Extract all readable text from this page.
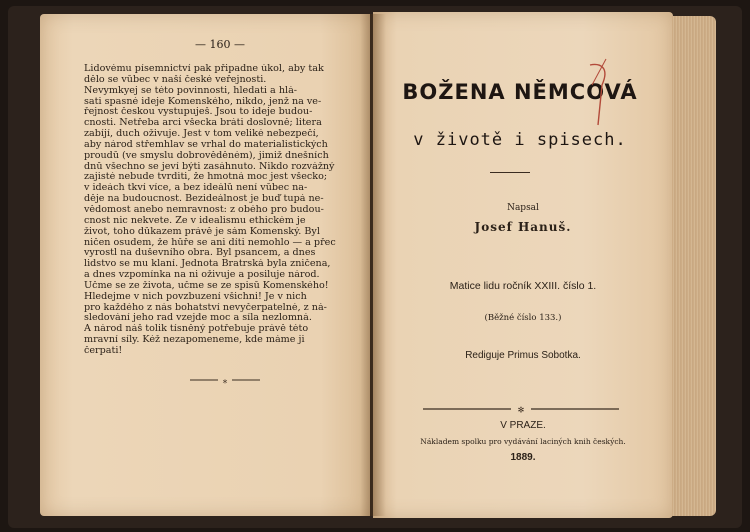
— 160 —
Lidovému písemnictví pak připadne úkol, aby tak
dělo se vůbec v naší české veřejnosti.
Nevymkyej se této povinnosti, hledati a hlá-
sati spasné ideje Komenského, nikdo, jenž na ve-
řejnost českou vystupuješ. Jsou to ideje budou-
cnosti. Netřeba arci všecka bráti doslovně; litera
zabíjí, duch oživuje. Jest v tom veliké nebezpečí,
aby národ střemhlav se vrhal do materialistických
proudů (ve smyslu dobrověděném), jimiž dnešních
dnů všechno se jeví býti zasáhnuto. Nikdo rozvážný
zajisté nebude tvrditi, že hmotná moc jest všecko;
v ideách tkví více, a bez ideálů není vůbec na-
děje na budoucnost. Bezideálnost je buď tupá ne-
vědomost anebo nemravnost: z obého pro budou-
cnost nic nekvete. Že v idealismu ethickém je
život, toho důkazem právě je sám Komenský. Byl
ničen osudem, že hůře se ani díti nemohlo — a přec
vyrostl na duševního obra. Byl psancem, a dnes
lidstvo se mu klaní. Jednota Bratrská byla zničena,
a dnes vzpomínka na ni oživuje a posiluje národ.
Učme se ze života, učme se ze spisů Komenského!
Hledejme v nich povzbuzení všichni! Je v nich
pro každého z nás bohatství nevyčerpatelné, z ná-
sledování jeho rad vzejde moc a síla nezlomná.
A národ náš tolik tísněný potřebuje právě této
mravní síly. Kéž nezapomeneme, kde máme ji
čerpati!
⁎
BOŽENA NĚMCOVÁ
v životě i spisech.
Napsal
Josef Hanuš.
Matice lidu ročník XXIII. číslo 1.
(Běžné číslo 133.)
Rediguje Primus Sobotka.
✻
V PRAZE.
Nákladem spolku pro vydávání laciných knih českých.
1889.
